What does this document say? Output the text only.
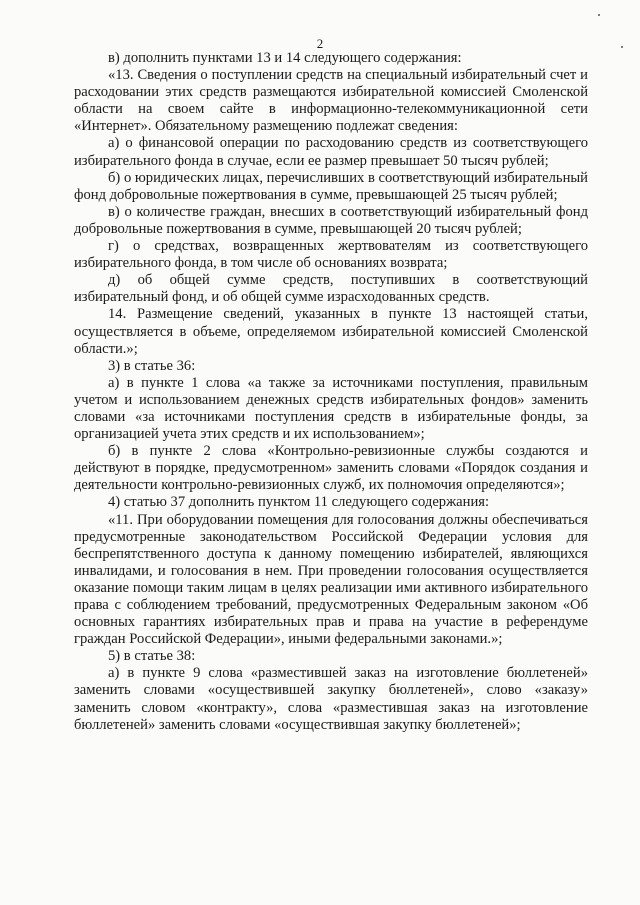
2

в) дополнить пунктами 13 и 14 следующего содержания:

«13. Сведения о поступлении средств на специальный избирательный счет и расходовании этих средств размещаются избирательной комиссией Смоленской области на своем сайте в информационно-телекоммуникационной сети «Интернет». Обязательному размещению подлежат сведения:

а) о финансовой операции по расходованию средств из соответствующего избирательного фонда в случае, если ее размер превышает 50 тысяч рублей;

б) о юридических лицах, перечисливших в соответствующий избирательный фонд добровольные пожертвования в сумме, превышающей 25 тысяч рублей;

в) о количестве граждан, внесших в соответствующий избирательный фонд добровольные пожертвования в сумме, превышающей 20 тысяч рублей;

г) о средствах, возвращенных жертвователям из соответствующего избирательного фонда, в том числе об основаниях возврата;

д) об общей сумме средств, поступивших в соответствующий избирательный фонд, и об общей сумме израсходованных средств.

14. Размещение сведений, указанных в пункте 13 настоящей статьи, осуществляется в объеме, определяемом избирательной комиссией Смоленской области.»;

3) в статье 36:

а) в пункте 1 слова «а также за источниками поступления, правильным учетом и использованием денежных средств избирательных фондов» заменить словами «за источниками поступления средств в избирательные фонды, за организацией учета этих средств и их использованием»;

б) в пункте 2 слова «Контрольно-ревизионные службы создаются и действуют в порядке, предусмотренном» заменить словами «Порядок создания и деятельности контрольно-ревизионных служб, их полномочия определяются»;

4) статью 37 дополнить пунктом 11 следующего содержания:

«11. При оборудовании помещения для голосования должны обеспечиваться предусмотренные законодательством Российской Федерации условия для беспрепятственного доступа к данному помещению избирателей, являющихся инвалидами, и голосования в нем. При проведении голосования осуществляется оказание помощи таким лицам в целях реализации ими активного избирательного права с соблюдением требований, предусмотренных Федеральным законом «Об основных гарантиях избирательных прав и права на участие в референдуме граждан Российской Федерации», иными федеральными законами.»;

5) в статье 38:

а) в пункте 9 слова «разместившей заказ на изготовление бюллетеней» заменить словами «осуществившей закупку бюллетеней», слово «заказу» заменить словом «контракту», слова «разместившая заказ на изготовление бюллетеней» заменить словами «осуществившая закупку бюллетеней»;
